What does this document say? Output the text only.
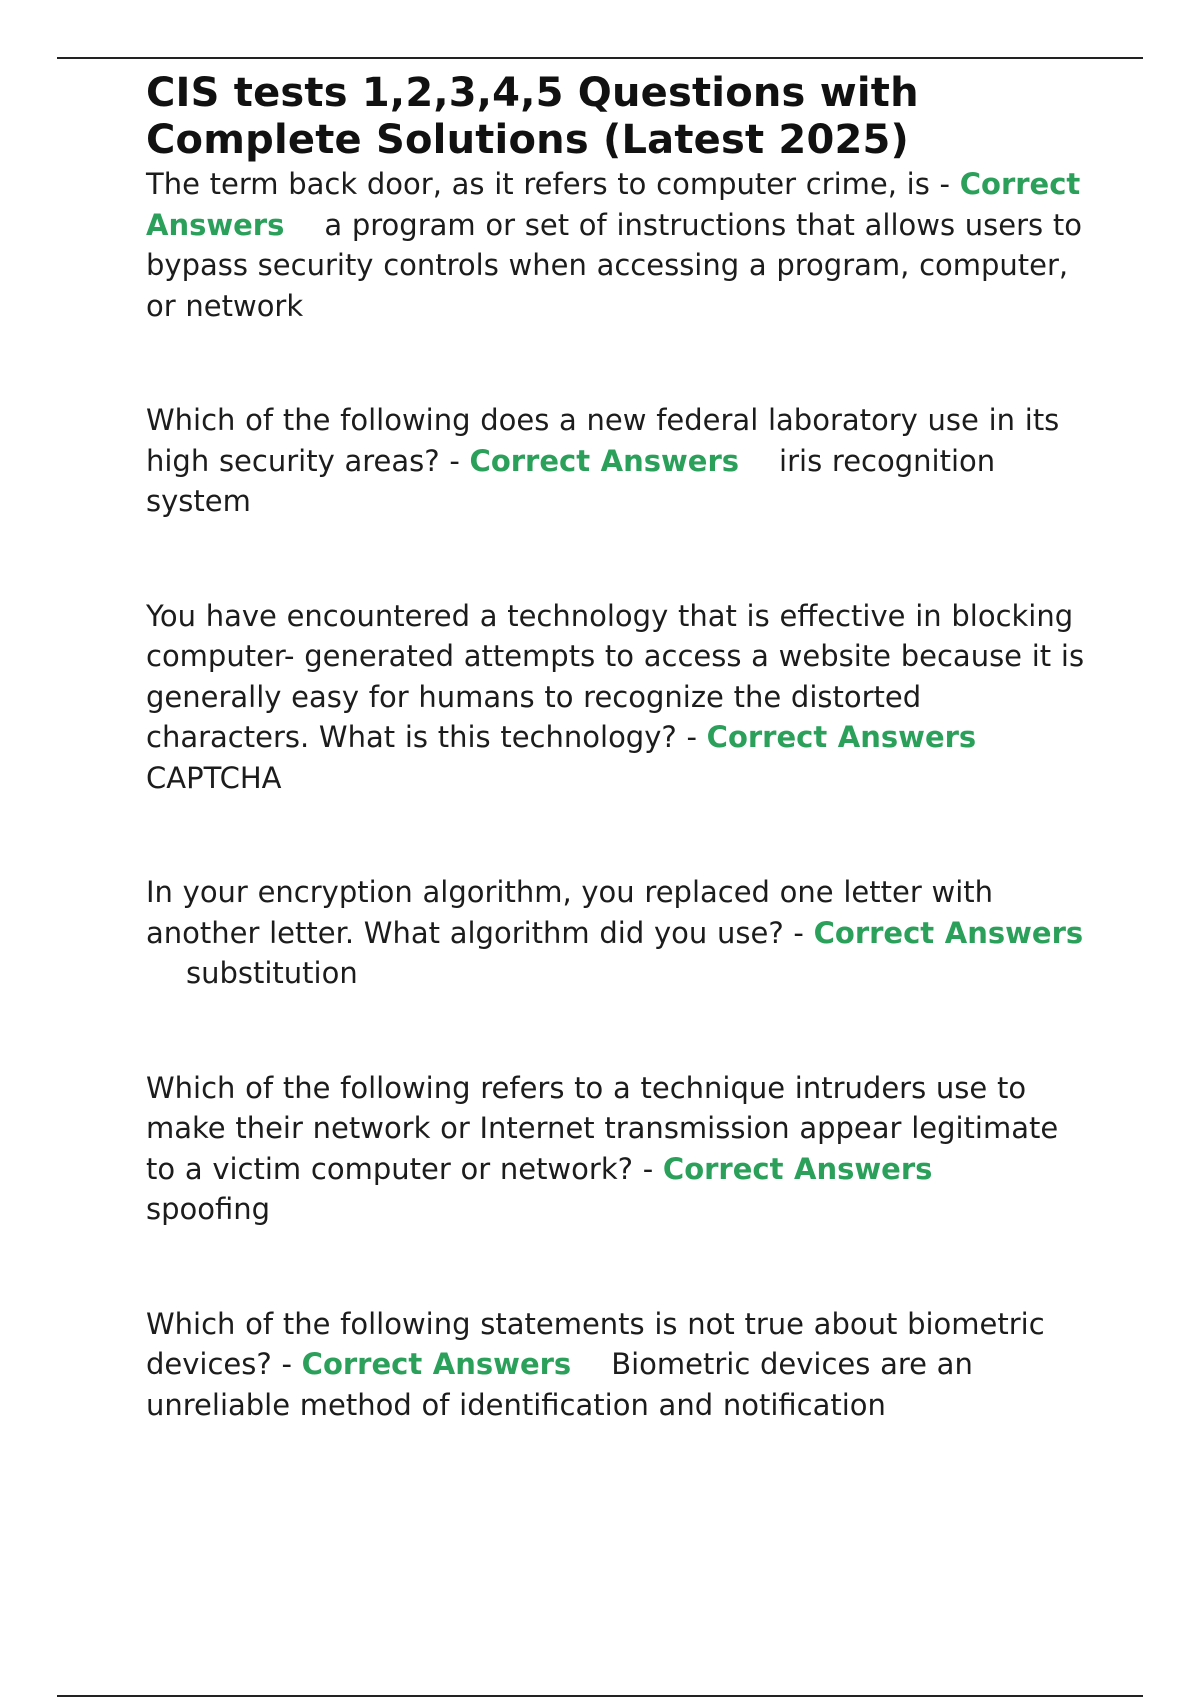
CIS tests 1,2,3,4,5 Questions with Complete Solutions (Latest 2025)

The term back door, as it refers to computer crime, is - Correct Answers a program or set of instructions that allows users to bypass security controls when accessing a program, computer, or network

Which of the following does a new federal laboratory use in its high security areas? - Correct Answers iris recognition system

You have encountered a technology that is effective in blocking computer- generated attempts to access a website because it is generally easy for humans to recognize the distorted characters. What is this technology? - Correct AnswersCAPTCHA

In your encryption algorithm, you replaced one letter with another letter. What algorithm did you use? - Correct Answerssubstitution

Which of the following refers to a technique intruders use to make their network or Internet transmission appear legitimate to a victim computer or network? - Correct Answersspoofing

Which of the following statements is not true about biometric devices? - Correct Answers Biometric devices are an unreliable method of identification and notification
